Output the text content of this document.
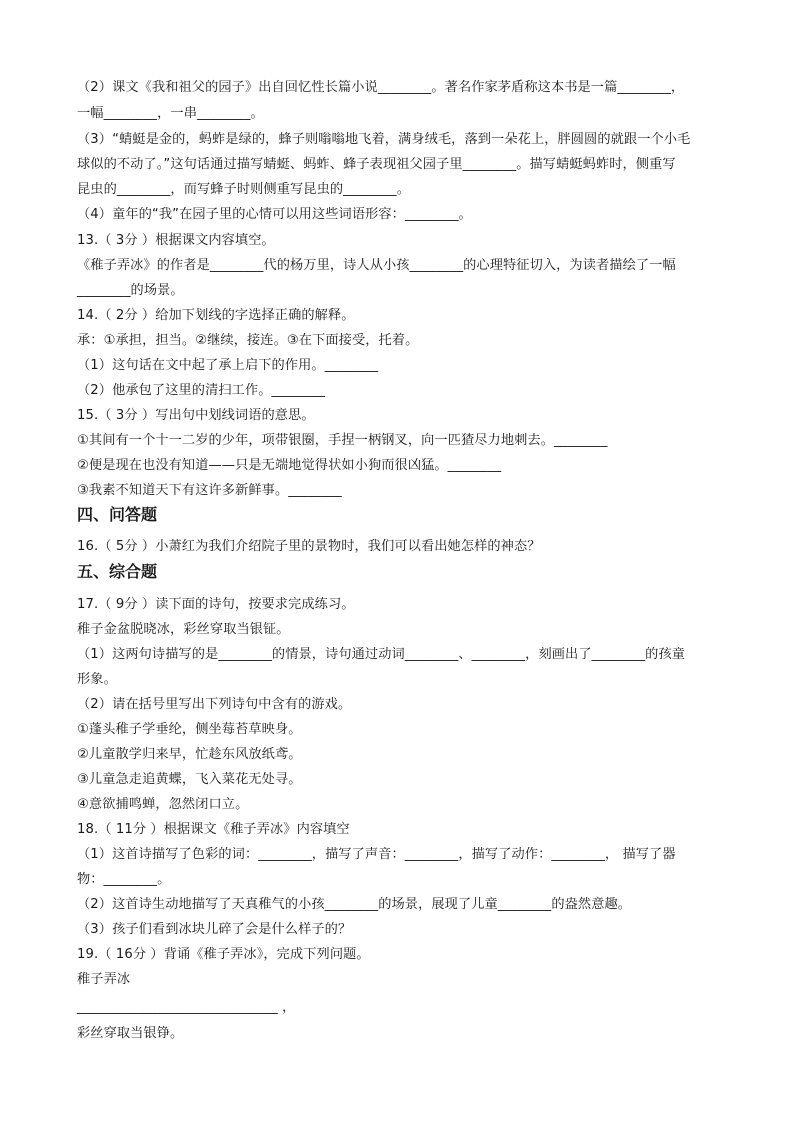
（2）课文《我和祖父的园子》出自回忆性长篇小说________。著名作家茅盾称这本书是一篇________，
一幅________，一串________。
（3）“蜻蜓是金的，蚂蚱是绿的，蜂子则嗡嗡地飞着，满身绒毛，落到一朵花上，胖圆圆的就跟一个小毛
球似的不动了。”这句话通过描写蜻蜓、蚂蚱、蜂子表现祖父园子里________。描写蜻蜓蚂蚱时，侧重写
昆虫的________，而写蜂子时则侧重写昆虫的________。
（4）童年的“我”在园子里的心情可以用这些词语形容：________。
13.（ 3分 ）根据课文内容填空。
《稚子弄冰》的作者是________代的杨万里，诗人从小孩________的心理特征切入，为读者描绘了一幅
________的场景。
14.（ 2分 ）给加下划线的字选择正确的解释。
承：①承担，担当。②继续，接连。③在下面接受，托着。
（1）这句话在文中起了承上启下的作用。________
（2）他承包了这里的清扫工作。________
15.（ 3分 ）写出句中划线词语的意思。
①其间有一个十一二岁的少年，项带银圈，手捏一柄钢叉，向一匹猹尽力地刺去。________
②便是现在也没有知道——只是无端地觉得状如小狗而很凶猛。________
③我素不知道天下有这许多新鲜事。________
四、问答题
16.（ 5分 ）小萧红为我们介绍院子里的景物时，我们可以看出她怎样的神态？
五、综合题
17.（ 9分 ）读下面的诗句，按要求完成练习。
稚子金盆脱晓冰，彩丝穿取当银钲。
（1）这两句诗描写的是________的情景，诗句通过动词________、________，刻画出了________的孩童
形象。
（2）请在括号里写出下列诗句中含有的游戏。
①蓬头稚子学垂纶，侧坐莓苔草映身。
②儿童散学归来早，忙趁东风放纸鸢。
③儿童急走追黄蝶，飞入菜花无处寻。
④意欲捕鸣蝉，忽然闭口立。
18.（ 11分 ）根据课文《稚子弄冰》内容填空
（1）这首诗描写了色彩的词：________，描写了声音：________，描写了动作：________， 描写了器
物：________。
（2）这首诗生动地描写了天真稚气的小孩________的场景，展现了儿童________的盎然意趣。
（3）孩子们看到冰块儿碎了会是什么样子的？
19.（ 16分 ）背诵《稚子弄冰》，完成下列问题。
稚子弄冰
______________________________ ，
彩丝穿取当银铮。
